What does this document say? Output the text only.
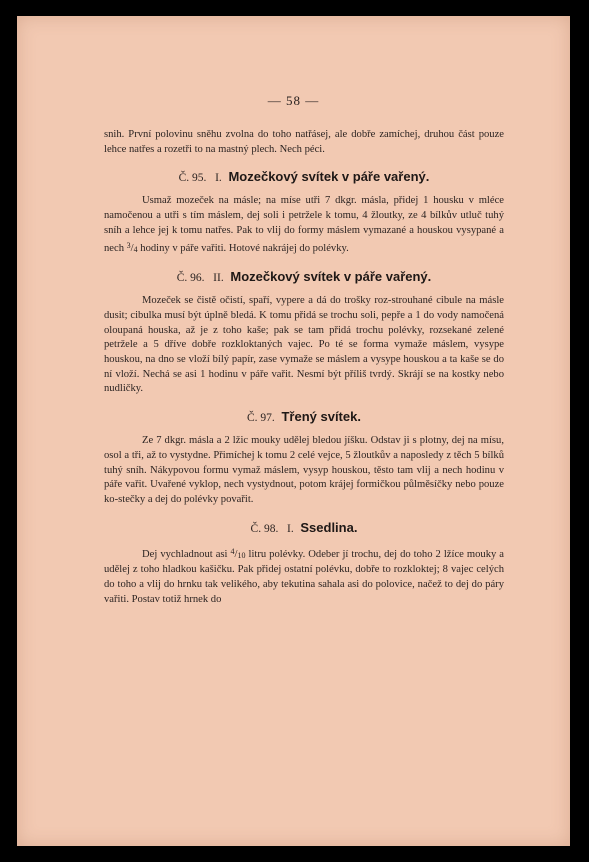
— 58 —

snih. První polovinu sněhu zvolna do toho natřásej, ale dobře zamíchej, druhou část pouze lehce natřes a rozetři to na mastný plech. Nech péci.

Č. 95. I. Mozečkový svítek v páře vařený.

Usmaž mozeček na másle; na míse utři 7 dkgr. másla, přidej 1 housku v mléce namočenou a utři s tím máslem, dej soli i petrželе k tomu, 4 žloutky, ze 4 bílkův utluč tuhý sníh a lehce jej k tomu natřes. Pak to vlij do formy máslem vymazané a houskou vysypané a nech $^3$/4 hodiny v páře vařiti. Hotové nakrájej do polévky.

Č. 96. II. Mozečkový svítek v páře vařený.

Mozeček se čistě očistí, spaří, vypere a dá do trošky roz-strouhané cibule na másle dusit; cibulka musí být úplně bledá. K tomu přidá se trochu soli, pepře a 1 do vody namočená oloupaná houska, až je z toho kaše; pak se tam přidá trochu polévky, rozsekané zelené petrželе a 5 dříve dobře rozkloktaných vajec. Po té se forma vymaže máslem, vysype houskou, na dno se vloží bílý papír, zase vymaže se máslem a vysype houskou a ta kaše se do ní vloží. Nechá se asi 1 hodinu v páře vařit. Nesmí být příliš tvrdý. Skrájí se na kostky nebo nudličky.

Č. 97. Třený svítek.

Ze 7 dkgr. másla a 2 lžic mouky udělej bledou jíšku. Odstav ji s plotny, dej na mísu, osol a tři, až to vystydne. Přimíchej k tomu 2 celé vejce, 5 žloutkův a naposledy z těch 5 bílků tuhý sníh. Nákypovou formu vymaž máslem, vysyp houskou, těsto tam vlij a nech hodinu v páře vařit. Uvařené vyklop, nech vystydnout, potom krájej formičkou půlměsíčky nebo pouze ko-stečky a dej do polévky povařit.

Č. 98. I. Ssedlina.

Dej vychladnout asi $^4$/10 litru polévky. Odeber jí trochu, dej do toho 2 lžíce mouky a udělej z toho hladkou kašičku. Pak přidej ostatní polévku, dobře to rozkloktej; 8 vajec celých do toho a vlij do hrnku tak velikého, aby tekutina sahala asi do polovice, načež to dej do páry vařiti. Postav totiž hrnek do
